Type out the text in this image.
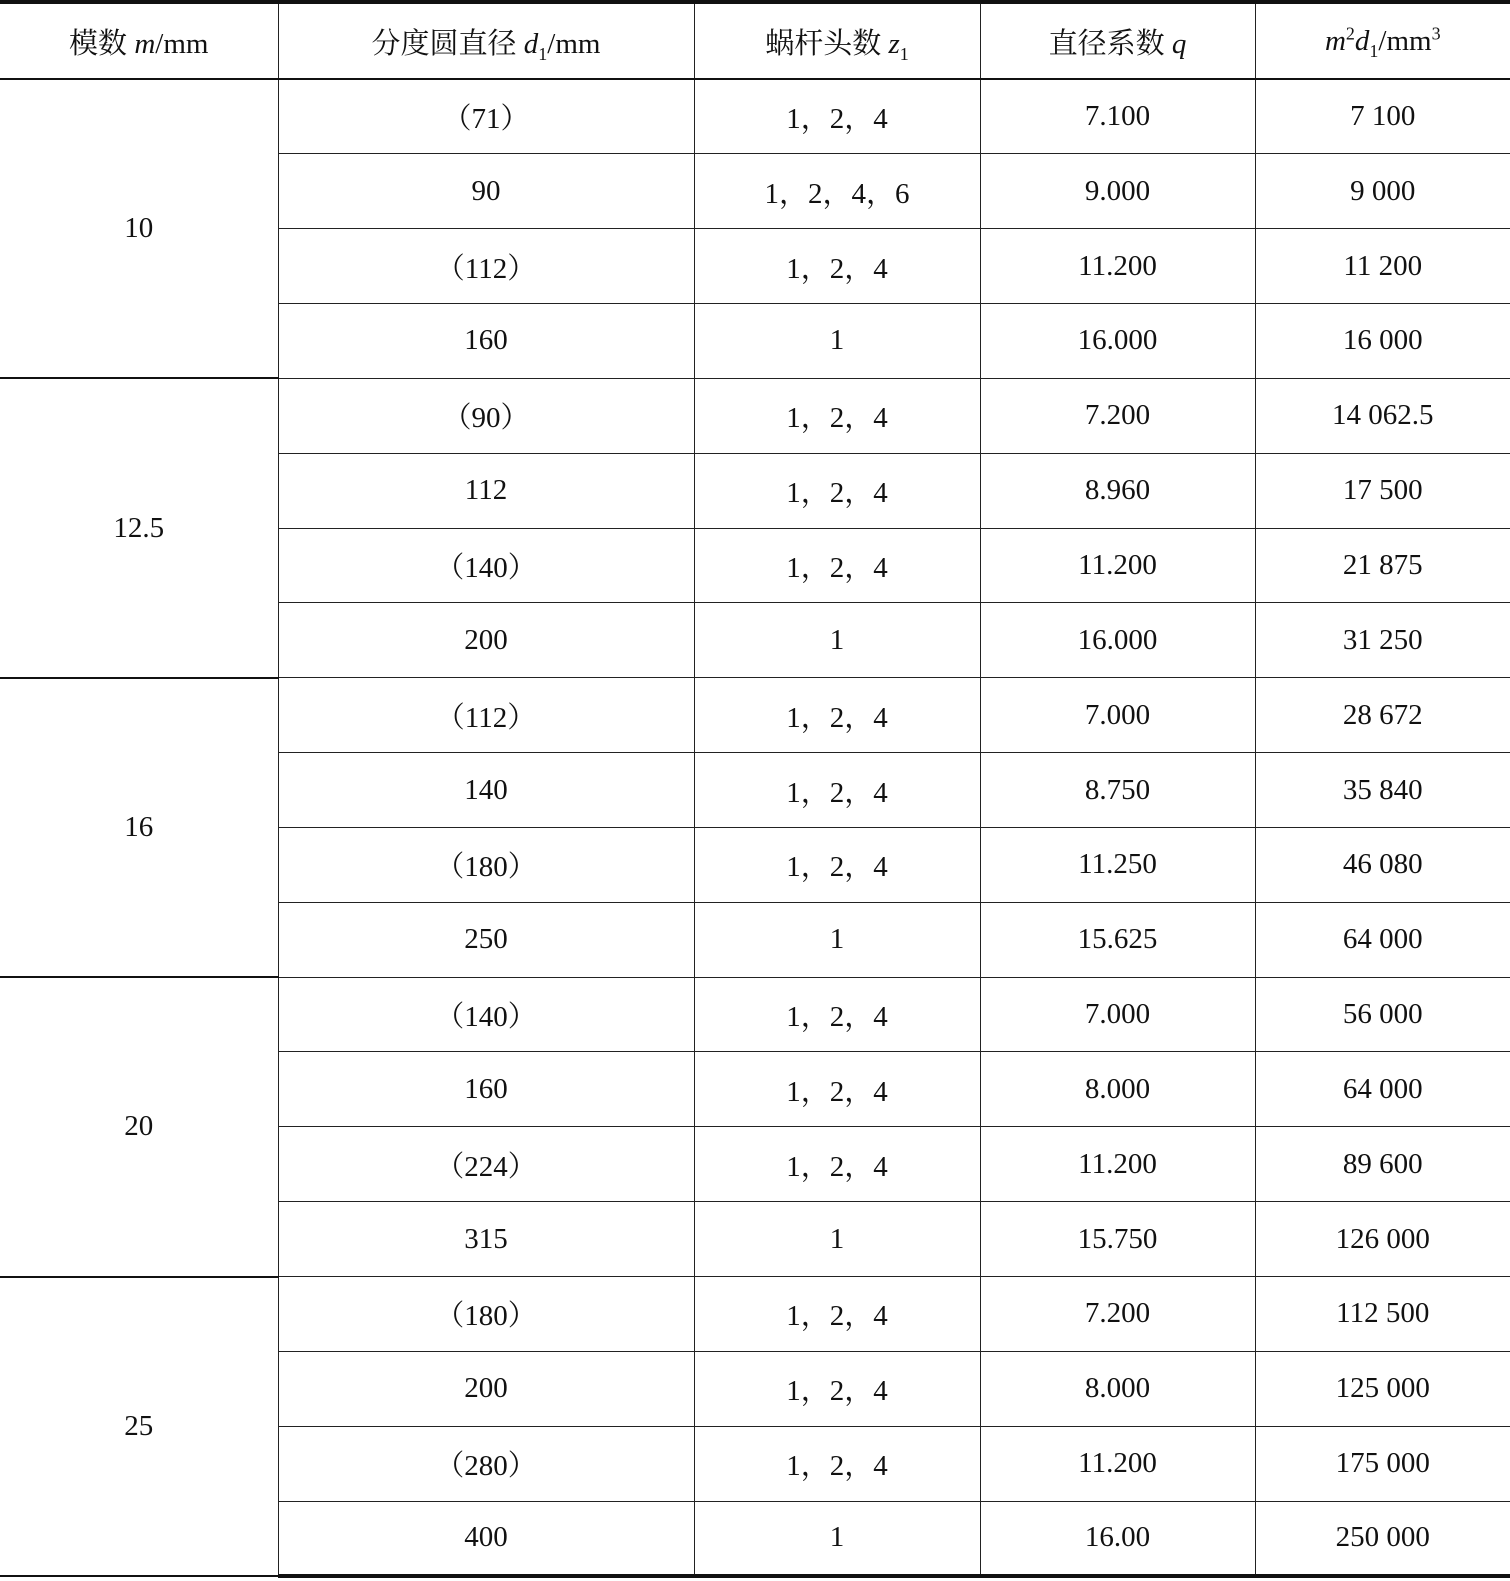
模数 m/mm	分度圆直径 $d_1/mm$	蜗杆头数 $z_1$	直径系数 q	$m^2d_1/mm^3$
10	（71）	1，2，4	7.100	7 100
	90	1，2，4，6	9.000	9 000
	（112）	1，2，4	11.200	11 200
	160	1	16.000	16 000
12.5	（90）	1，2，4	7.200	14 062.5
	112	1，2，4	8.960	17 500
	（140）	1，2，4	11.200	21 875
	200	1	16.000	31 250
16	（112）	1，2，4	7.000	28 672
	140	1，2，4	8.750	35 840
	（180）	1，2，4	11.250	46 080
	250	1	15.625	64 000
20	（140）	1，2，4	7.000	56 000
	160	1，2，4	8.000	64 000
	（224）	1，2，4	11.200	89 600
	315	1	15.750	126 000
25	（180）	1，2，4	7.200	112 500
	200	1，2，4	8.000	125 000
	（280）	1，2，4	11.200	175 000
	400	1	16.00	250 000
